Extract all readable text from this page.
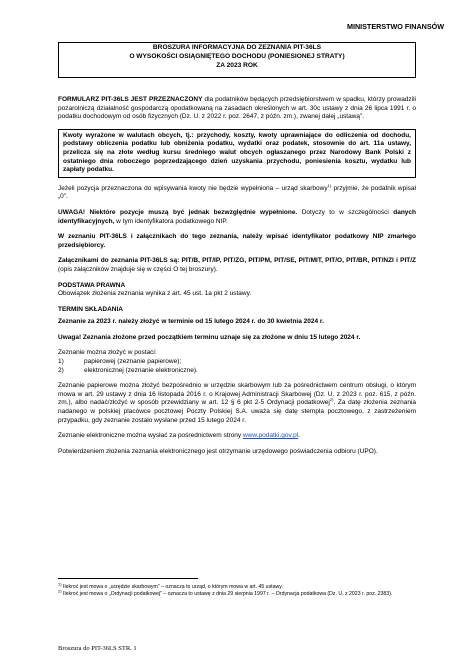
MINISTERSTWO FINANSÓW
BROSZURA INFORMACYJNA DO ZEZNANIA PIT-36LS
O WYSOKOŚCI OSIĄGNIĘTEGO DOCHODU (PONIESIONEJ STRATY)
ZA 2023 ROK

FORMULARZ PIT-36LS JEST PRZEZNACZONY dla podatników będących przedsiębiorstwem w spadku, którzy prowadzili pozarolniczą działalność gospodarczą opodatkowaną na zasadach określonych w art. 30c ustawy z dnia 26 lipca 1991 r. o podatku dochodowym od osób fizycznych (Dz. U. z 2022 r. poz. 2647, z późn. zm.), zwanej dalej „ustawą”.

Kwoty wyrażone w walutach obcych, tj.: przychody, koszty, kwoty uprawniające do odliczenia od dochodu, podstawy obliczenia podatku lub obniżenia podatku, wydatki oraz podatek, stosownie do art. 11a ustawy, przelicza się na złote według kursu średniego walut obcych ogłaszanego przez Narodowy Bank Polski z ostatniego dnia roboczego poprzedzającego dzień uzyskania przychodu, poniesienia kosztu, wydatku lub zapłaty podatku.

Jeżeli pozycja przeznaczona do wpisywania kwoty nie będzie wypełniona – urząd skarbowy$^{1)}$ przyjmie, że podatnik wpisał „0”.

UWAGA! Niektóre pozycje muszą być jednak bezwzględnie wypełnione. Dotyczy to w szczególności danych identyfikacyjnych, w tym identyfikatora podatkowego NIP.

W zeznaniu PIT-36LS i załącznikach do tego zeznania, należy wpisać identyfikator podatkowy NIP zmarłego przedsiębiorcy.

Załącznikami do zeznania PIT-36LS są: PIT/B, PIT/IP, PIT/ZG, PIT/PM, PIT/SE, PIT/MIT, PIT/O, PIT/BR, PIT/NZI i PIT/Z (opis załączników znajduje się w części O tej broszury).

PODSTAWA PRAWNA

Obowiązek złożenia zeznania wynika z art. 45 ust. 1a pkt 2 ustawy.

TERMIN SKŁADANIA

Zeznanie za 2023 r. należy złożyć w terminie od 15 lutego 2024 r. do 30 kwietnia 2024 r.

Uwaga! Zeznania złożone przed początkiem terminu uznaje się za złożone w dniu 15 lutego 2024 r.

Zeznanie można złożyć w postaci:

1)	papierowej (zeznanie papierowe);
2)	elektronicznej (zeznanie elektroniczne).

Zeznanie papierowe można złożyć bezpośrednio w urzędzie skarbowym lub za pośrednictwem centrum obsługi, o którym mowa w art. 29 ustawy z dnia 16 listopada 2016 r. o Krajowej Administracji Skarbowej (Dz. U. z 2023 r. poz. 615, z późn. zm.), albo nadać/złożyć w sposób przewidziany w art. 12 § 6 pkt 2-5 Ordynacji podatkowej$^{2)}$. Za datę złożenia zeznania nadanego w polskiej placówce pocztowej Poczty Polskiej S.A. uważa się datę stempla pocztowego, z zastrzeżeniem przypadku, gdy zeznanie zostało wysłane przed 15 lutego 2024 r.

Zeznanie elektroniczne można wysłać za pośrednictwem strony www.podatki.gov.pl.

Potwierdzeniem złożenia zeznania elektronicznego jest otrzymanie urzędowego poświadczenia odbioru (UPO).

$^{1)}$ Ilekroć jest mowa o „urzędzie skarbowym” – oznacza to urząd, o którym mowa w art. 45 ustawy.

$^{2)}$ Ilekroć jest mowa o „Ordynacji podatkowej” – oznacza to ustawę z dnia 29 sierpnia 1997 r. – Ordynacja podatkowa (Dz. U. z 2023 r. poz. 2383).

Broszura do PIT-36LS STR. 1
